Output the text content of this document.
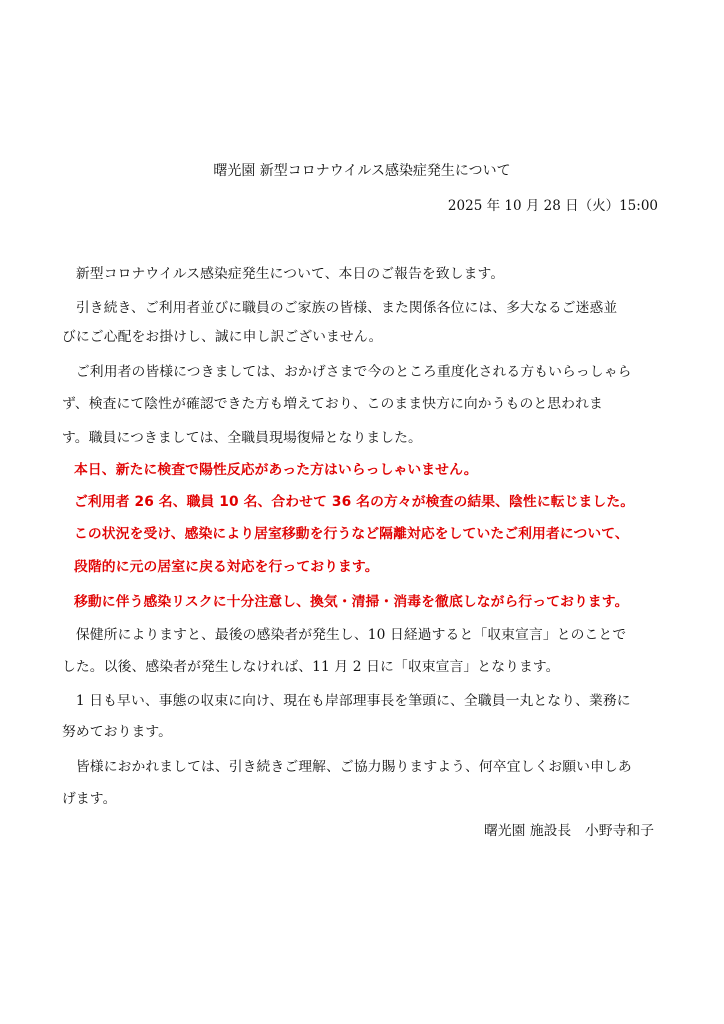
曙光園 新型コロナウイルス感染症発生について
2025 年 10 月 28 日（火）15:00
　新型コロナウイルス感染症発生について、本日のご報告を致します。
　引き続き、ご利用者並びに職員のご家族の皆様、また関係各位には、多大なるご迷惑並
びにご心配をお掛けし、誠に申し訳ございません。
　ご利用者の皆様につきましては、おかげさまで今のところ重度化される方もいらっしゃら
ず、検査にて陰性が確認できた方も増えており、このまま快方に向かうものと思われま
す。職員につきましては、全職員現場復帰となりました。
本日、新たに検査で陽性反応があった方はいらっしゃいません。
ご利用者 26 名、職員 10 名、合わせて 36 名の方々が検査の結果、陰性に転じました。
この状況を受け、感染により居室移動を行うなど隔離対応をしていたご利用者について、
段階的に元の居室に戻る対応を行っております。
移動に伴う感染リスクに十分注意し、換気・清掃・消毒を徹底しながら行っております。
　保健所によりますと、最後の感染者が発生し、10 日経過すると「収束宣言」とのことで
した。以後、感染者が発生しなければ、11 月 2 日に「収束宣言」となります。
　1 日も早い、事態の収束に向け、現在も岸部理事長を筆頭に、全職員一丸となり、業務に
努めております。
　皆様におかれましては、引き続きご理解、ご協力賜りますよう、何卒宜しくお願い申しあ
げます。
曙光園 施設長　小野寺和子
